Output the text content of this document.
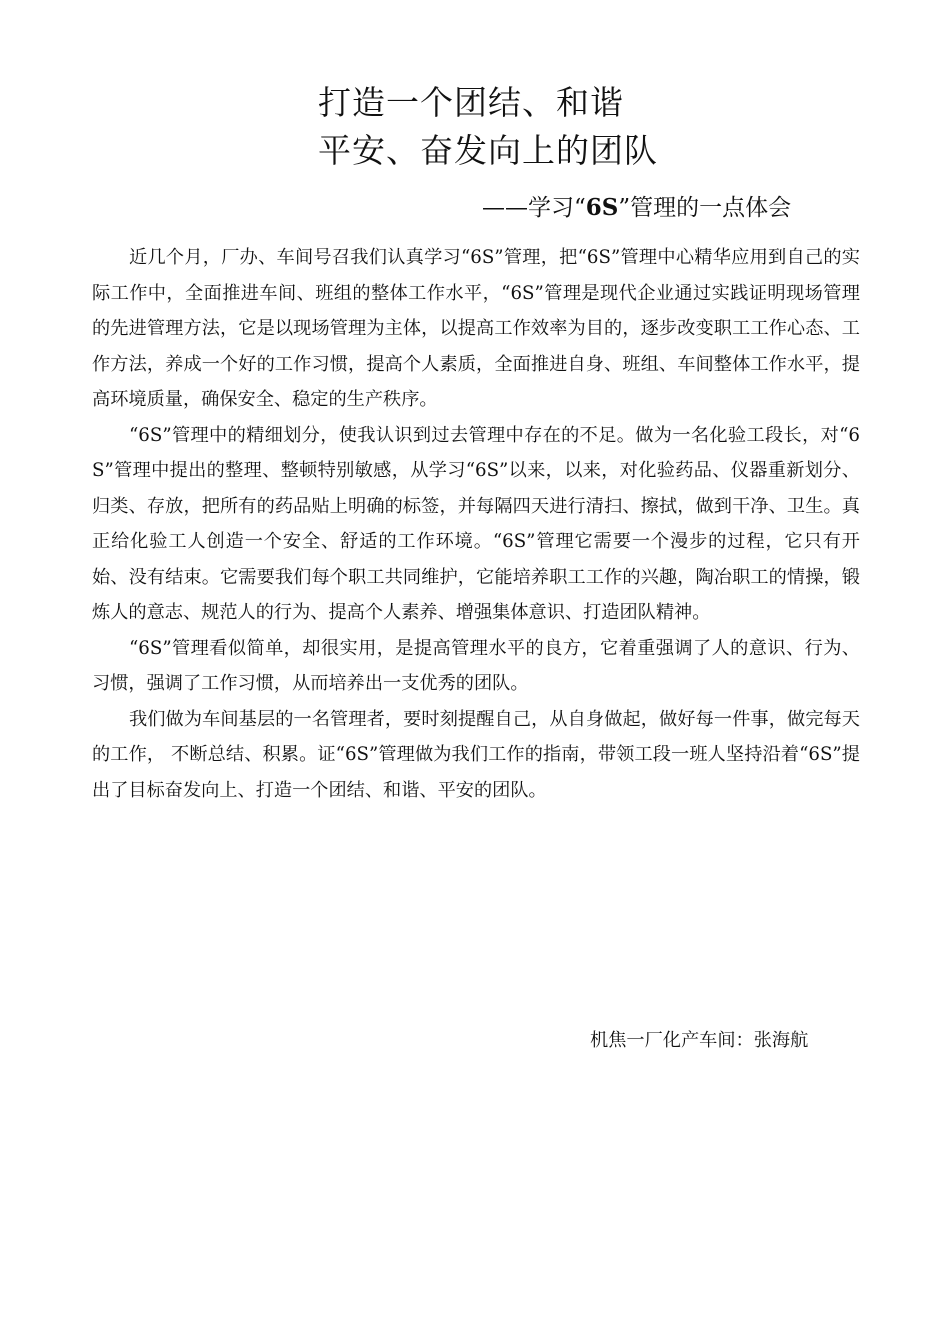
打造一个团结、和谐
平安、奋发向上的团队

——学习“6S”管理的一点体会

近几个月，厂办、车间号召我们认真学习“6S”管理，把“6S”管理中心精华应用到自己的实际工作中，全面推进车间、班组的整体工作水平，“6S”管理是现代企业通过实践证明现场管理的先进管理方法，它是以现场管理为主体，以提高工作效率为目的，逐步改变职工工作心态、工作方法，养成一个好的工作习惯，提高个人素质，全面推进自身、班组、车间整体工作水平，提高环境质量，确保安全、稳定的生产秩序。

“6S”管理中的精细划分，使我认识到过去管理中存在的不足。做为一名化验工段长，对“6S”管理中提出的整理、整顿特别敏感，从学习“6S”以来，以来，对化验药品、仪器重新划分、归类、存放，把所有的药品贴上明确的标签，并每隔四天进行清扫、擦拭，做到干净、卫生。真正给化验工人创造一个安全、舒适的工作环境。“6S”管理它需要一个漫步的过程，它只有开始、没有结束。它需要我们每个职工共同维护，它能培养职工工作的兴趣，陶冶职工的情操，锻炼人的意志、规范人的行为、提高个人素养、增强集体意识、打造团队精神。

“6S”管理看似简单，却很实用，是提高管理水平的良方，它着重强调了人的意识、行为、习惯，强调了工作习惯，从而培养出一支优秀的团队。

我们做为车间基层的一名管理者，要时刻提醒自己，从自身做起，做好每一件事，做完每天的工作， 不断总结、积累。证“6S”管理做为我们工作的指南，带领工段一班人坚持沿着“6S”提出了目标奋发向上、打造一个团结、和谐、平安的团队。

机焦一厂化产车间：张海航
